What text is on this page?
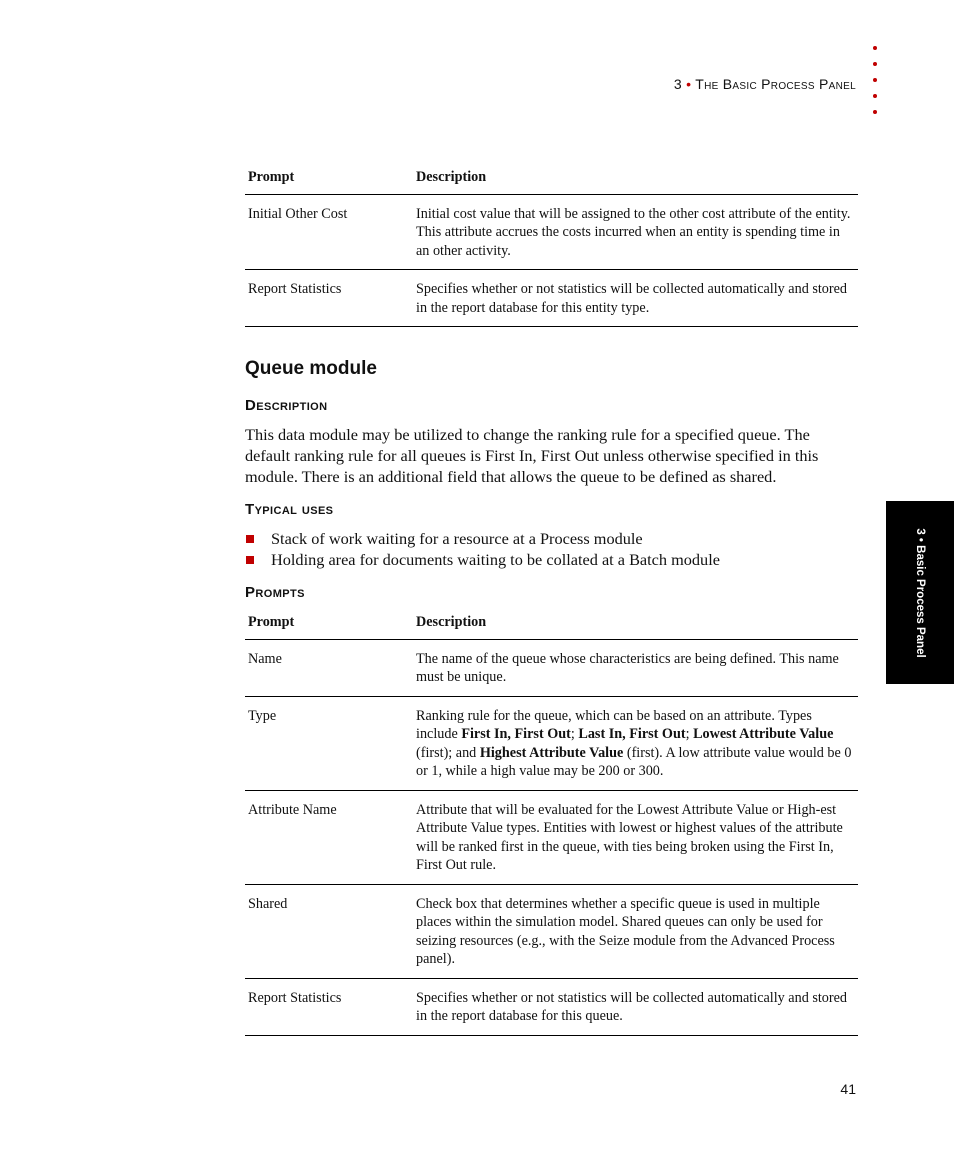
3 • The Basic Process Panel
3 • Basic Process Panel
Prompt	Description
Initial Other Cost	Initial cost value that will be assigned to the other cost attribute of the entity. This attribute accrues the costs incurred when an entity is spending time in an other activity.
Report Statistics	Specifies whether or not statistics will be collected automatically and stored in the report database for this entity type.
Queue module
Description

This data module may be utilized to change the ranking rule for a specified queue. The default ranking rule for all queues is First In, First Out unless otherwise specified in this module. There is an additional field that allows the queue to be defined as shared.

Typical uses
Stack of work waiting for a resource at a Process module
Holding area for documents waiting to be collated at a Batch module
Prompts
Prompt	Description
Name	The name of the queue whose characteristics are being defined. This name must be unique.
Type	Ranking rule for the queue, which can be based on an attribute. Types include First In, First Out; Last In, First Out; Lowest Attribute Value (first); and Highest Attribute Value (first). A low attribute value would be 0 or 1, while a high value may be 200 or 300.
Attribute Name	Attribute that will be evaluated for the Lowest Attribute Value or High-est Attribute Value types. Entities with lowest or highest values of the attribute will be ranked first in the queue, with ties being broken using the First In, First Out rule.
Shared	Check box that determines whether a specific queue is used in multiple places within the simulation model. Shared queues can only be used for seizing resources (e.g., with the Seize module from the Advanced Process panel).
Report Statistics	Specifies whether or not statistics will be collected automatically and stored in the report database for this queue.
41
